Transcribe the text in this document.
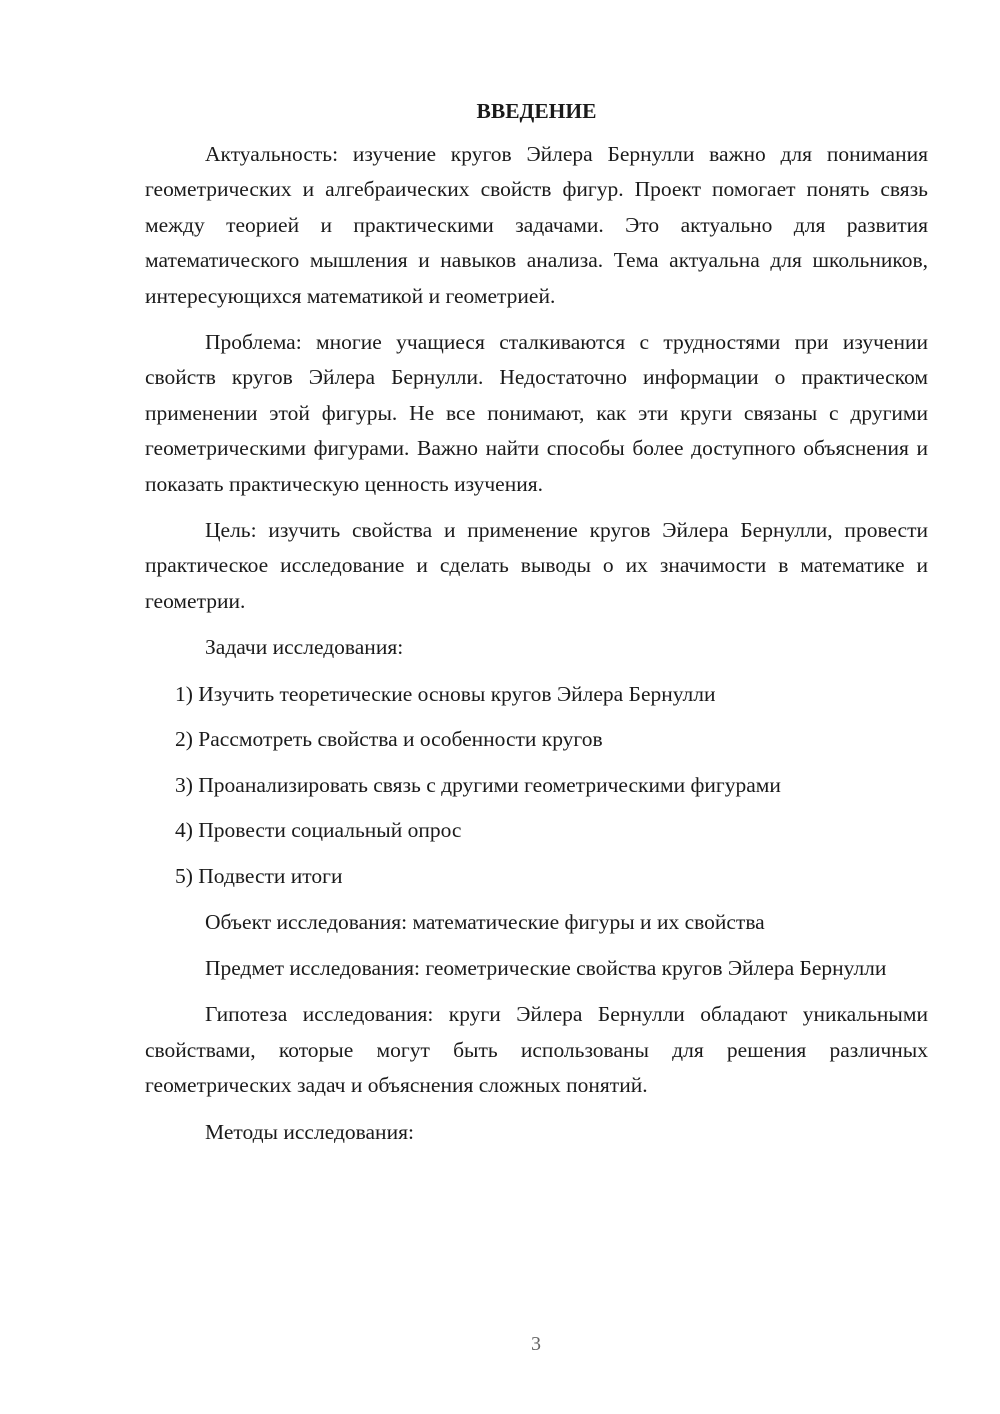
ВВЕДЕНИЕ

Актуальность: изучение кругов Эйлера Бернулли важно для понимания геометрических и алгебраических свойств фигур. Проект помогает понять связь между теорией и практическими задачами. Это актуально для развития математического мышления и навыков анализа. Тема актуальна для школьников, интересующихся математикой и геометрией.

Проблема: многие учащиеся сталкиваются с трудностями при изучении свойств кругов Эйлера Бернулли. Недостаточно информации о практическом применении этой фигуры. Не все понимают, как эти круги связаны с другими геометрическими фигурами. Важно найти способы более доступного объяснения и показать практическую ценность изучения.

Цель: изучить свойства и применение кругов Эйлера Бернулли, провести практическое исследование и сделать выводы о их значимости в математике и геометрии.

Задачи исследования:

1) Изучить теоретические основы кругов Эйлера Бернулли
2) Рассмотреть свойства и особенности кругов
3) Проанализировать связь с другими геометрическими фигурами
4) Провести социальный опрос
5) Подвести итоги

Объект исследования: математические фигуры и их свойства

Предмет исследования: геометрические свойства кругов Эйлера Бернулли

Гипотеза исследования: круги Эйлера Бернулли обладают уникальными свойствами, которые могут быть использованы для решения различных геометрических задач и объяснения сложных понятий.

Методы исследования:

3
